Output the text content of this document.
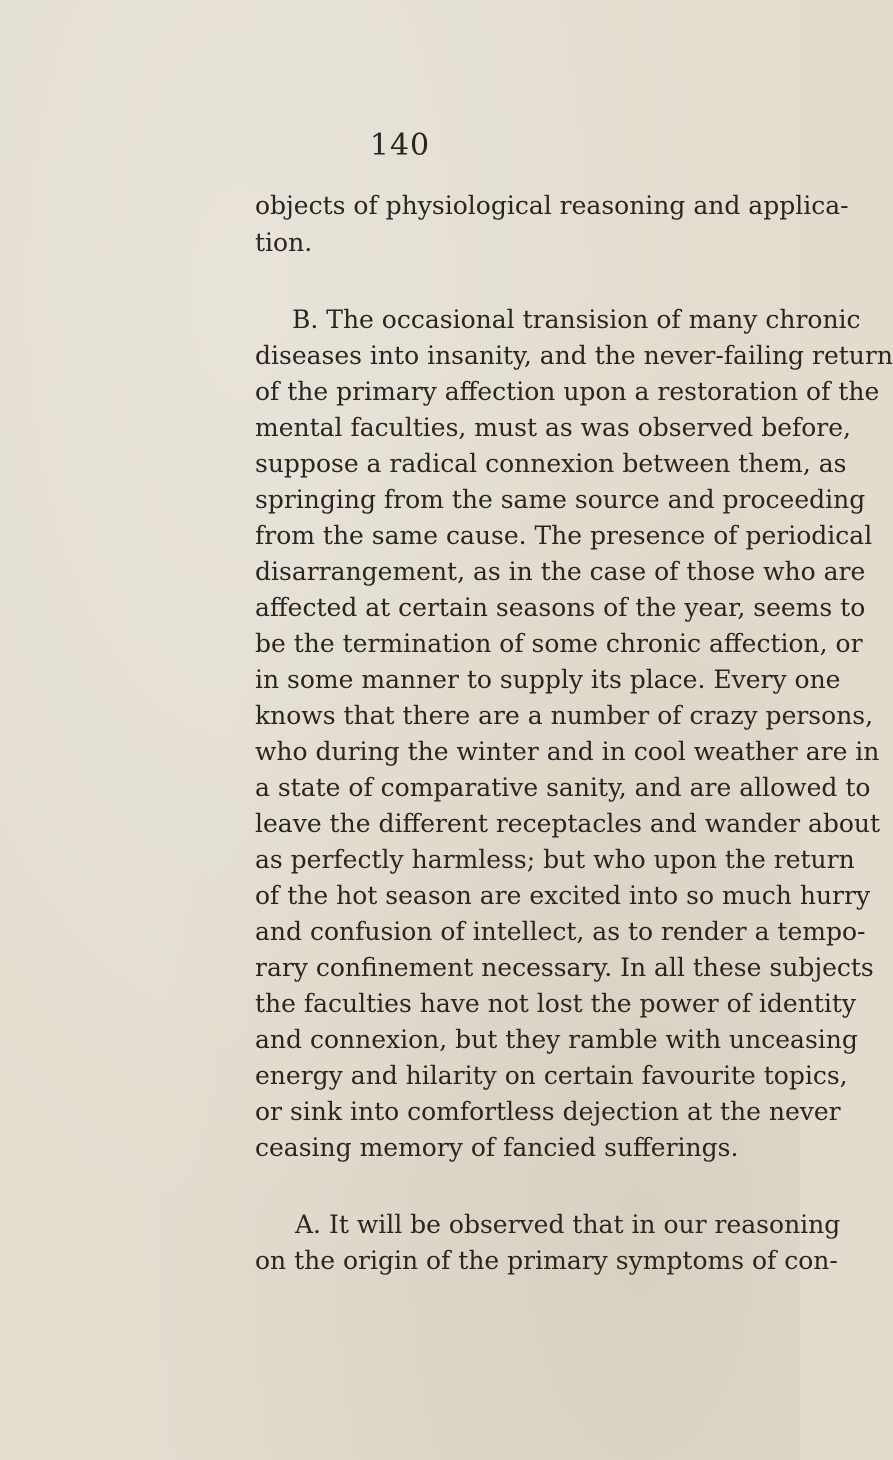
140

objects of physiological reasoning and applica-

tion.

B. The occasional transision of many chronic

diseases into insanity, and the never-failing return

of the primary affection upon a restoration of the

mental faculties, must as was observed before,

suppose a radical connexion between them, as

springing from the same source and proceeding

from the same cause. The presence of periodical

disarrangement, as in the case of those who are

affected at certain seasons of the year, seems to

be the termination of some chronic affection, or

in some manner to supply its place. Every one

knows that there are a number of crazy persons,

who during the winter and in cool weather are in

a state of comparative sanity, and are allowed to

leave the different receptacles and wander about

as perfectly harmless; but who upon the return

of the hot season are excited into so much hurry

and confusion of intellect, as to render a tempo-

rary confinement necessary. In all these subjects

the faculties have not lost the power of identity

and connexion, but they ramble with unceasing

energy and hilarity on certain favourite topics,

or sink into comfortless dejection at the never

ceasing memory of fancied sufferings.

A. It will be observed that in our reasoning

on the origin of the primary symptoms of con-
